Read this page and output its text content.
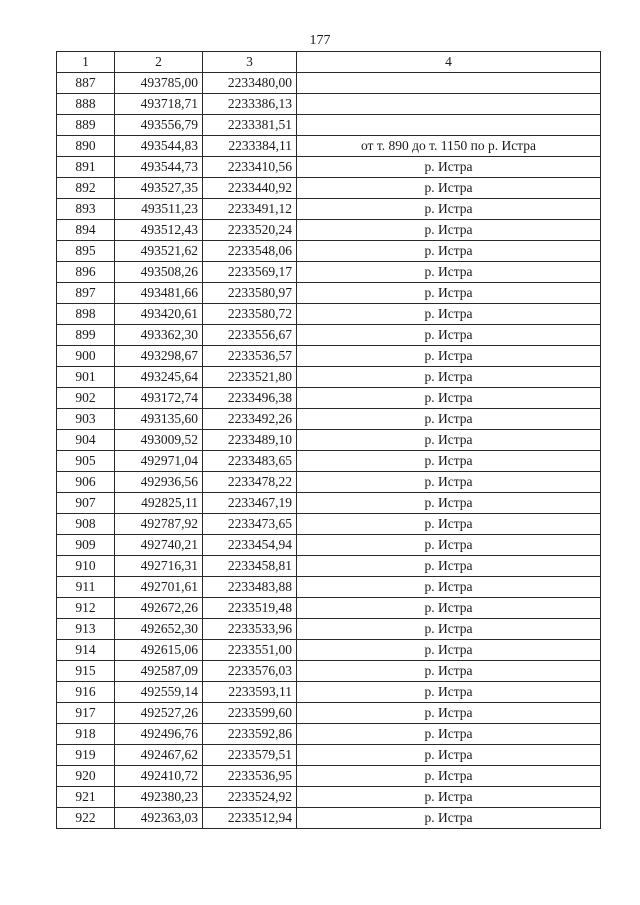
177
1	2	3	4
887	493785,00	2233480,00	
888	493718,71	2233386,13	
889	493556,79	2233381,51	
890	493544,83	2233384,11	от т. 890 до т. 1150 по р. Истра
891	493544,73	2233410,56	р. Истра
892	493527,35	2233440,92	р. Истра
893	493511,23	2233491,12	р. Истра
894	493512,43	2233520,24	р. Истра
895	493521,62	2233548,06	р. Истра
896	493508,26	2233569,17	р. Истра
897	493481,66	2233580,97	р. Истра
898	493420,61	2233580,72	р. Истра
899	493362,30	2233556,67	р. Истра
900	493298,67	2233536,57	р. Истра
901	493245,64	2233521,80	р. Истра
902	493172,74	2233496,38	р. Истра
903	493135,60	2233492,26	р. Истра
904	493009,52	2233489,10	р. Истра
905	492971,04	2233483,65	р. Истра
906	492936,56	2233478,22	р. Истра
907	492825,11	2233467,19	р. Истра
908	492787,92	2233473,65	р. Истра
909	492740,21	2233454,94	р. Истра
910	492716,31	2233458,81	р. Истра
911	492701,61	2233483,88	р. Истра
912	492672,26	2233519,48	р. Истра
913	492652,30	2233533,96	р. Истра
914	492615,06	2233551,00	р. Истра
915	492587,09	2233576,03	р. Истра
916	492559,14	2233593,11	р. Истра
917	492527,26	2233599,60	р. Истра
918	492496,76	2233592,86	р. Истра
919	492467,62	2233579,51	р. Истра
920	492410,72	2233536,95	р. Истра
921	492380,23	2233524,92	р. Истра
922	492363,03	2233512,94	р. Истра
